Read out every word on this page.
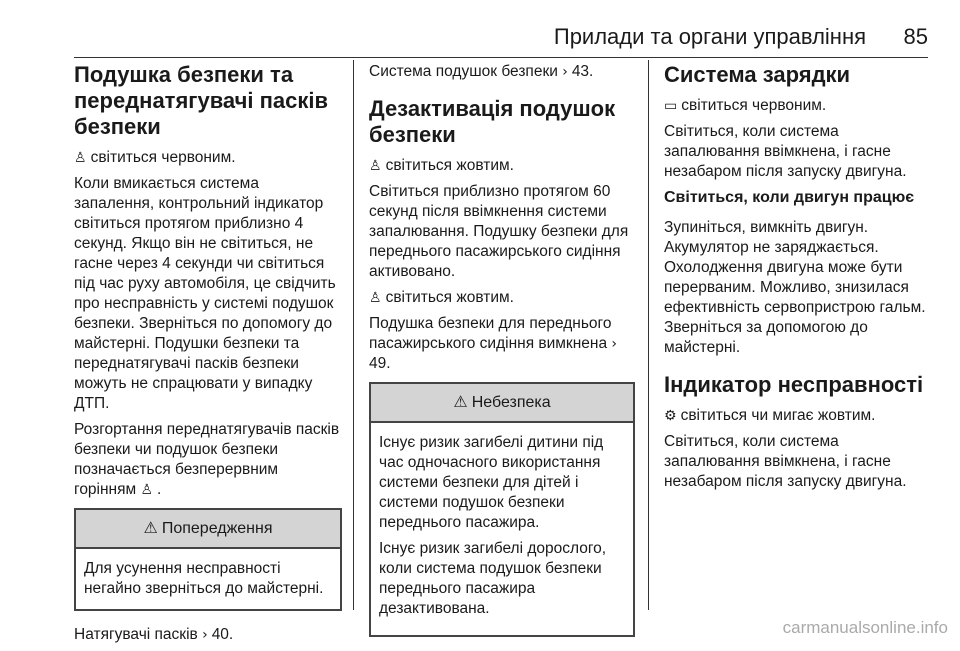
Прилади та органи управління 85
Подушка безпеки та переднатягувачі пасків безпеки

♙ світиться червоним.

Коли вмикається система запалення, контрольний індикатор світиться протягом приблизно 4 секунд. Якщо він не світиться, не гасне через 4 секунди чи світиться під час руху автомобіля, це свідчить про несправність у системі подушок безпеки. Зверніться по допомогу до майстерні. Подушки безпеки та переднатягувачі пасків безпеки можуть не спрацювати у випадку ДТП.

Розгортання переднатягувачів пасків безпеки чи подушок безпеки позначається безперервним горінням ♙ .

⚠ Попередження
Для усунення несправності негайно зверніться до майстерні.

Натягувачі пасків › 40.

Система подушок безпеки › 43.

Дезактивація подушок безпеки

♙ світиться жовтим.

Світиться приблизно протягом 60 секунд після ввімкнення системи запалювання. Подушку безпеки для переднього пасажирського сидіння активовано.

♙ світиться жовтим.

Подушка безпеки для переднього пасажирського сидіння вимкнена ›49.

⚠ Небезпека

Існує ризик загибелі дитини під час одночасного використання системи безпеки для дітей і системи подушок безпеки переднього пасажира.

Існує ризик загибелі дорослого, коли система подушок безпеки переднього пасажира дезактивована.

Система зарядки

▭ світиться червоним.

Світиться, коли система запалювання ввімкнена, і гасне незабаром після запуску двигуна.

Світиться, коли двигун працює

Зупиніться, вимкніть двигун. Акумулятор не заряджається. Охолодження двигуна може бути перерваним. Можливо, знизилася ефективність сервопристрою гальм. Зверніться за допомогою до майстерні.

Індикатор несправності

⚙ світиться чи мигає жовтим.

Світиться, коли система запалювання ввімкнена, і гасне незабаром після запуску двигуна.

carmanualsonline.info
